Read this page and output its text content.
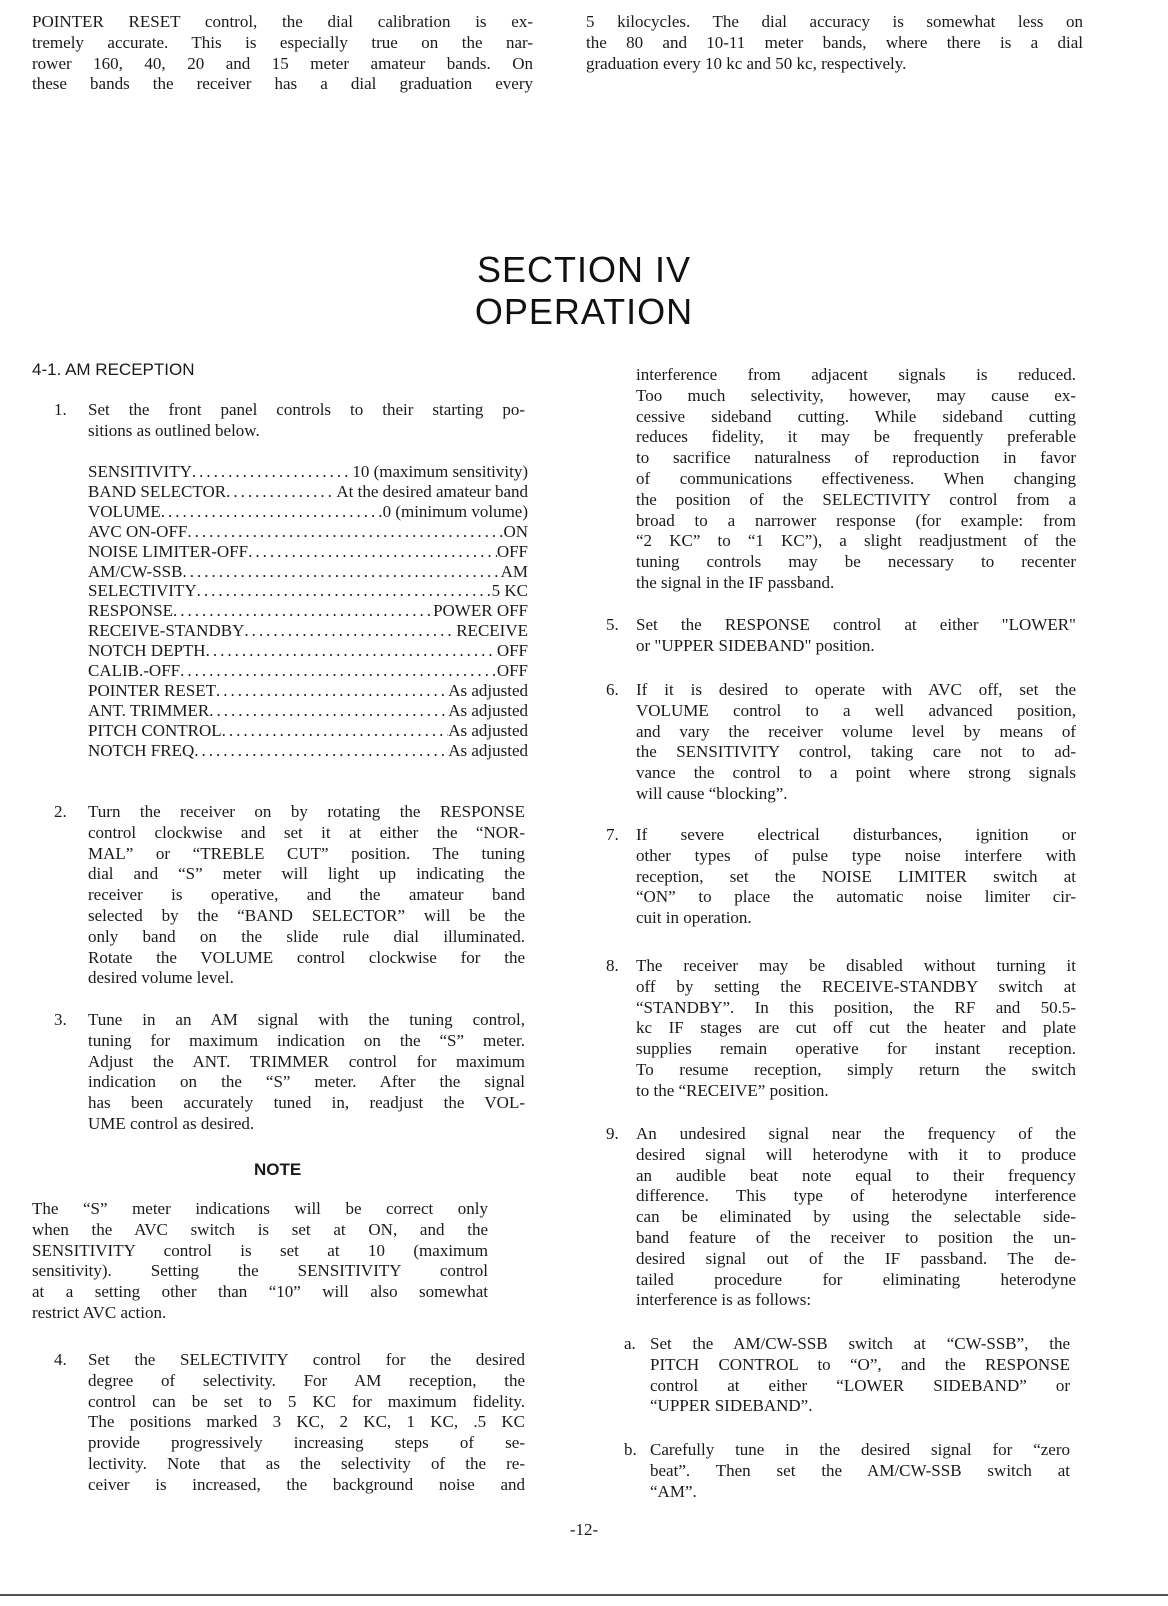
POINTER RESET control, the dial calibration is ex-
tremely accurate. This is especially true on the nar-
rower 160, 40, 20 and 15 meter amateur bands. On
these bands the receiver has a dial graduation every
5 kilocycles. The dial accuracy is somewhat less on
the 80 and 10-11 meter bands, where there is a dial
graduation every 10 kc and 50 kc, respectively.
SECTION IV
OPERATION
4-1. AM RECEPTION
1. Set the front panel controls to their starting po-
sitions as outlined below.
SENSITIVITY .....	10 (maximum sensitivity)
BAND SELECTOR .....	At the desired amateur band
VOLUME .....	0 (minimum volume)
AVC ON-OFF .....	ON
NOISE LIMITER-OFF .....	OFF
AM/CW-SSB .....	AM
SELECTIVITY .....	5 KC
RESPONSE .....	POWER OFF
RECEIVE-STANDBY .....	RECEIVE
NOTCH DEPTH .....	OFF
CALIB.-OFF .....	OFF
POINTER RESET .....	As adjusted
ANT. TRIMMER .....	As adjusted
PITCH CONTROL .....	As adjusted
NOTCH FREQ .....	As adjusted
2. Turn the receiver on by rotating the RESPONSE
control clockwise and set it at either the “NOR-
MAL” or “TREBLE CUT” position. The tuning
dial and “S” meter will light up indicating the
receiver is operative, and the amateur band
selected by the “BAND SELECTOR” will be the
only band on the slide rule dial illuminated.
Rotate the VOLUME control clockwise for the
desired volume level.
3. Tune in an AM signal with the tuning control,
tuning for maximum indication on the “S” meter.
Adjust the ANT. TRIMMER control for maximum
indication on the “S” meter. After the signal
has been accurately tuned in, readjust the VOL-
UME control as desired.
NOTE
The “S” meter indications will be correct only
when the AVC switch is set at ON, and the
SENSITIVITY control is set at 10 (maximum
sensitivity). Setting the SENSITIVITY control
at a setting other than “10” will also somewhat
restrict AVC action.
4. Set the SELECTIVITY control for the desired
degree of selectivity. For AM reception, the
control can be set to 5 KC for maximum fidelity.
The positions marked 3 KC, 2 KC, 1 KC, .5 KC
provide progressively increasing steps of se-
lectivity. Note that as the selectivity of the re-
ceiver is increased, the background noise and
interference from adjacent signals is reduced.
Too much selectivity, however, may cause ex-
cessive sideband cutting. While sideband cutting
reduces fidelity, it may be frequently preferable
to sacrifice naturalness of reproduction in favor
of communications effectiveness. When changing
the position of the SELECTIVITY control from a
broad to a narrower response (for example: from
“2 KC” to “1 KC”), a slight readjustment of the
tuning controls may be necessary to recenter
the signal in the IF passband.
5. Set the RESPONSE control at either "LOWER"
or "UPPER SIDEBAND" position.
6. If it is desired to operate with AVC off, set the
VOLUME control to a well advanced position,
and vary the receiver volume level by means of
the SENSITIVITY control, taking care not to ad-
vance the control to a point where strong signals
will cause “blocking”.
7. If severe electrical disturbances, ignition or
other types of pulse type noise interfere with
reception, set the NOISE LIMITER switch at
“ON” to place the automatic noise limiter cir-
cuit in operation.
8. The receiver may be disabled without turning it
off by setting the RECEIVE-STANDBY switch at
“STANDBY”. In this position, the RF and 50.5-
kc IF stages are cut off cut the heater and plate
supplies remain operative for instant reception.
To resume reception, simply return the switch
to the “RECEIVE” position.
9. An undesired signal near the frequency of the
desired signal will heterodyne with it to produce
an audible beat note equal to their frequency
difference. This type of heterodyne interference
can be eliminated by using the selectable side-
band feature of the receiver to position the un-
desired signal out of the IF passband. The de-
tailed procedure for eliminating heterodyne
interference is as follows:
a. Set the AM/CW-SSB switch at “CW-SSB”, the
PITCH CONTROL to “O”, and the RESPONSE
control at either “LOWER SIDEBAND” or
“UPPER SIDEBAND”.
b. Carefully tune in the desired signal for “zero
beat”. Then set the AM/CW-SSB switch at
“AM”.
-12-
